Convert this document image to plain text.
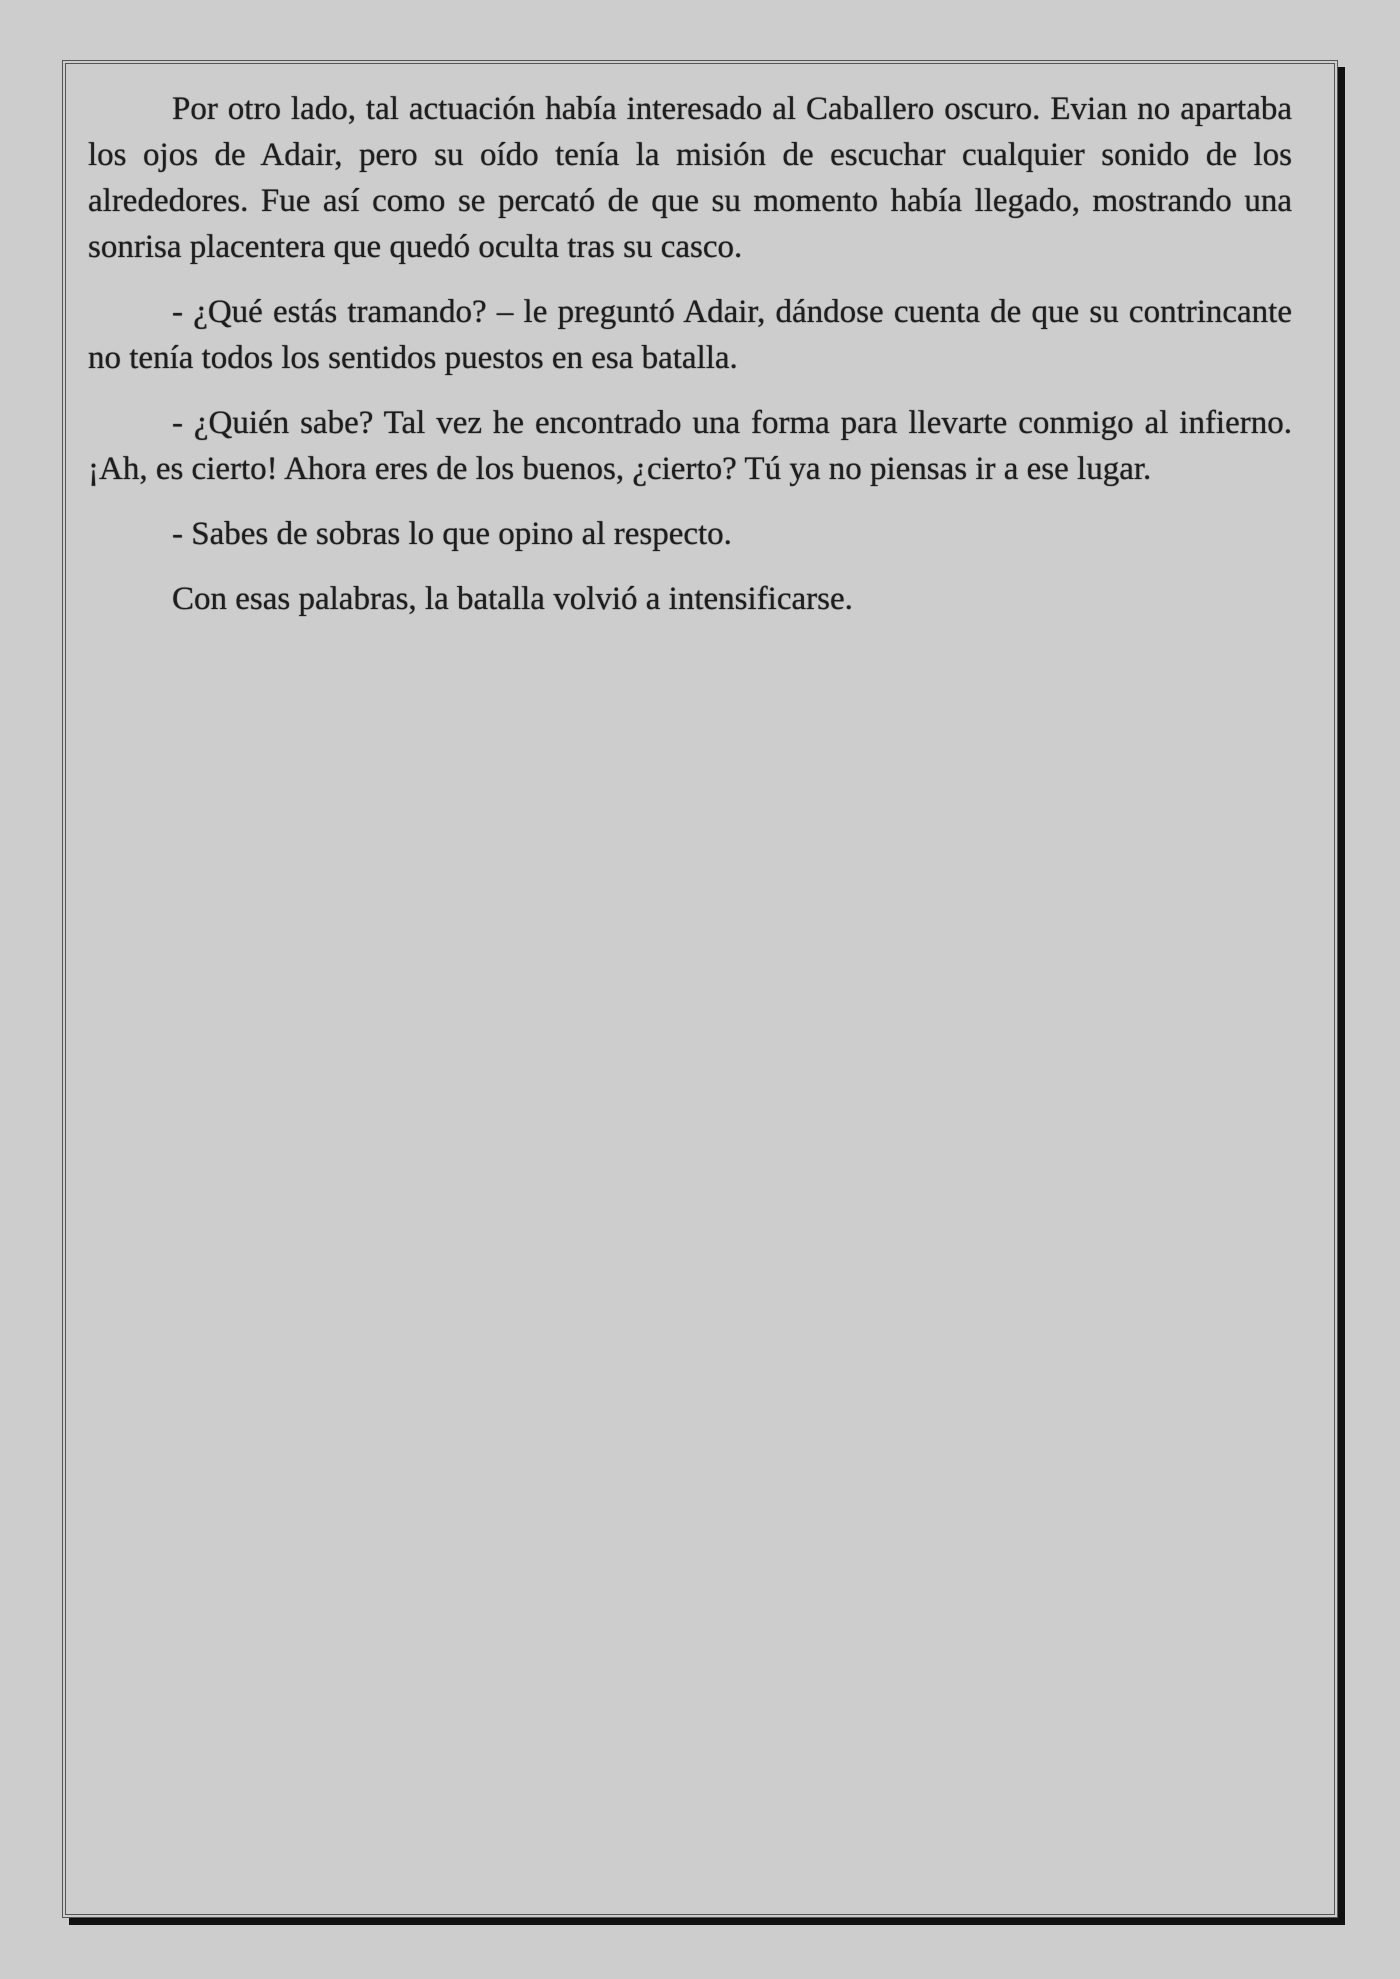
Por otro lado, tal actuación había interesado al Caballero oscuro. Evian no apartaba los ojos de Adair, pero su oído tenía la misión de escuchar cualquier sonido de los alrededores. Fue así como se percató de que su momento había llegado, mostrando una sonrisa placentera que quedó oculta tras su casco.

- ¿Qué estás tramando? – le preguntó Adair, dándose cuenta de que su contrincante no tenía todos los sentidos puestos en esa batalla.

- ¿Quién sabe? Tal vez he encontrado una forma para llevarte conmigo al infierno. ¡Ah, es cierto! Ahora eres de los buenos, ¿cierto? Tú ya no piensas ir a ese lugar.

- Sabes de sobras lo que opino al respecto.

Con esas palabras, la batalla volvió a intensificarse.
